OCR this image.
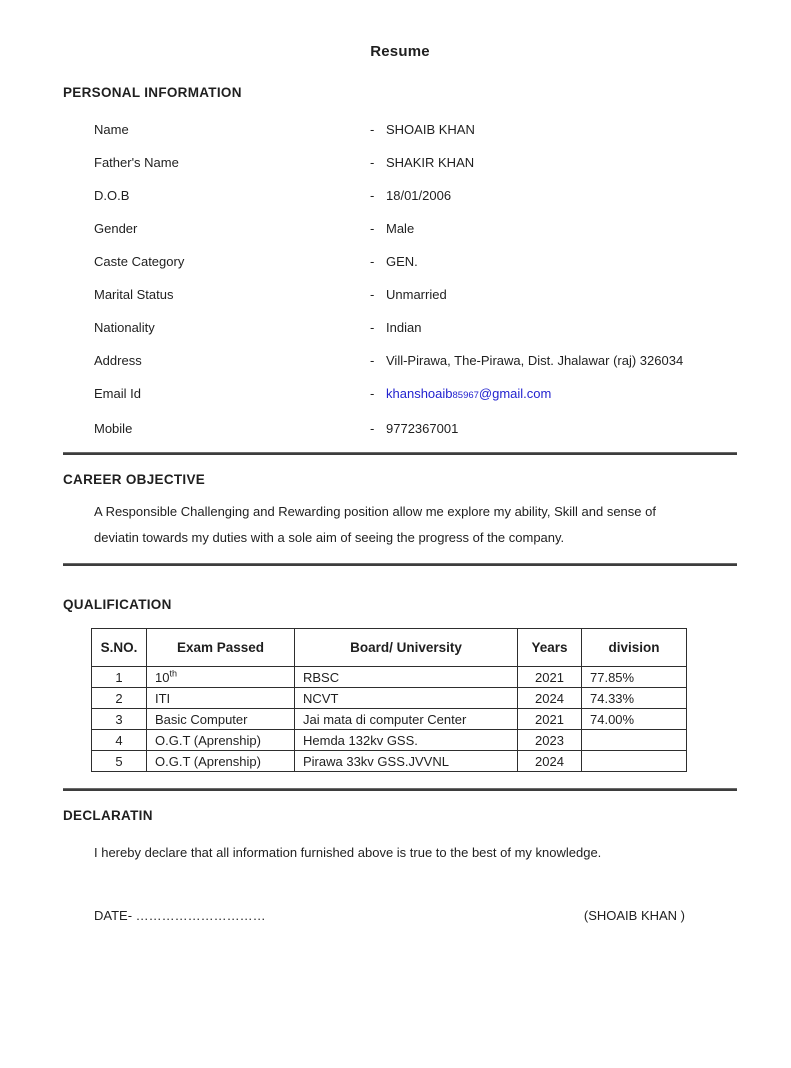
Resume
PERSONAL INFORMATION
Name	- SHOAIB KHAN
Father's Name	- SHAKIR KHAN
D.O.B	- 18/01/2006
Gender	- Male
Caste Category	- GEN.
Marital Status	- Unmarried
Nationality	- Indian
Address	- Vill-Pirawa, The-Pirawa, Dist. Jhalawar (raj) 326034
Email Id	- khanshoaib85967@gmail.com
Mobile	- 9772367001
CAREER OBJECTIVE
A Responsible Challenging and Rewarding position allow me explore my ability, Skill and sense of deviatin towards my duties with a sole aim of seeing the progress of the company.
QUALIFICATION
S.NO.	Exam Passed	Board/ University	Years	division
1	10th	RBSC	2021	77.85%
2	ITI	NCVT	2024	74.33%
3	Basic Computer	Jai mata di computer Center	2021	74.00%
4	O.G.T (Aprenship)	Hemda 132kv GSS.	2023	
5	O.G.T (Aprenship)	Pirawa 33kv GSS.JVVNL	2024	
DECLARATIN
I hereby declare that all information furnished above is true to the best of my knowledge.
DATE- …………………………	(SHOAIB KHAN )
